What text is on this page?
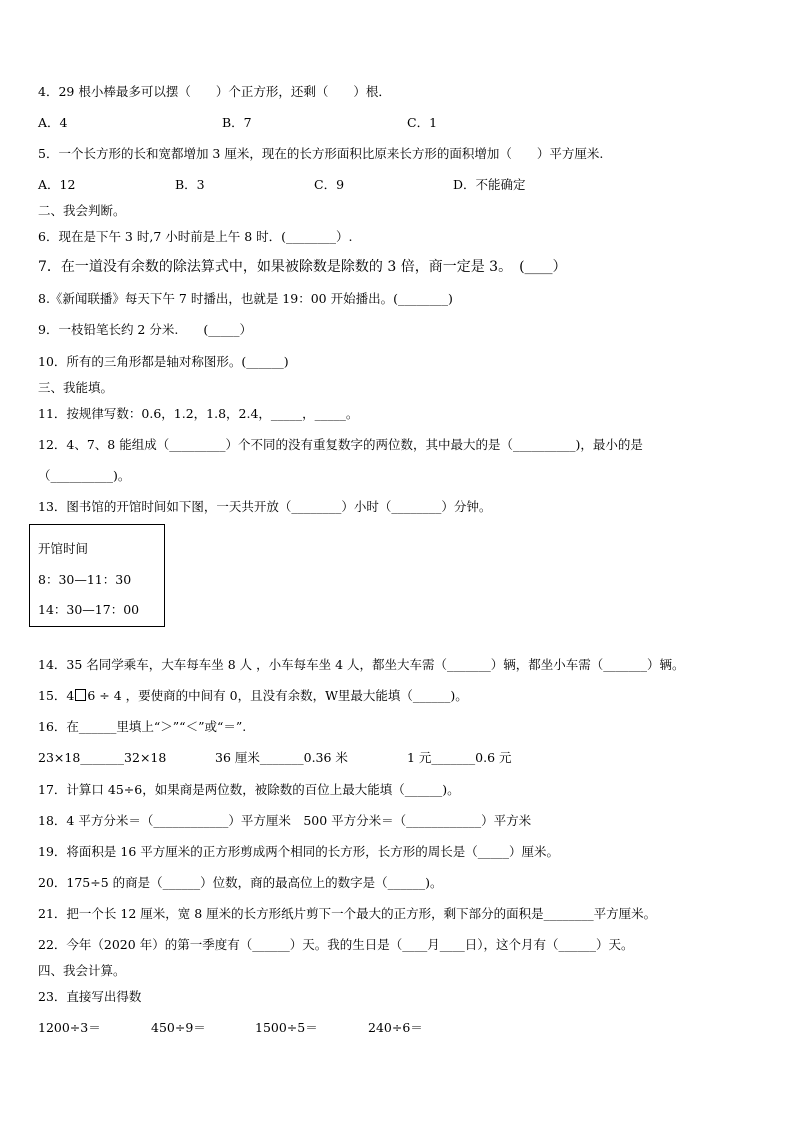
4．29 根小棒最多可以摆（　　）个正方形，还剩（　　）根．
A．4	B．7	C．1
5．一个长方形的长和宽都增加 3 厘米，现在的长方形面积比原来长方形的面积增加（　　）平方厘米.
A．12	B．3	C．9	D．不能确定
二、我会判断。
6．现在是下午 3 时,7 小时前是上午 8 时．(________）.
7．在一道没有余数的除法算式中，如果被除数是除数的 3 倍，商一定是 3。　(____）
8.《新闻联播》每天下午 7 时播出，也就是 19：00 开始播出。(________)
9．一枝铅笔长约 2 分米.　　(_____）
10．所有的三角形都是轴对称图形。(______)
三、我能填。
11．按规律写数：0.6，1.2，1.8，2.4，_____，_____。
12．4、7、8 能组成（_________）个不同的没有重复数字的两位数，其中最大的是（__________)，最小的是
（__________)。
13．图书馆的开馆时间如下图，一天共开放（________）小时（________）分钟。
开馆时间
8：30—11：30
14：30—17：00
14．35 名同学乘车，大车每车坐 8 人 ，小车每车坐 4 人，都坐大车需（_______）辆，都坐小车需（_______）辆。
15．4 6 ÷ 4 ，要使商的中间有 0，且没有余数，W里最大能填（______)。
16．在______里填上“＞”“＜”或“＝”.
23×18_______32×18	36 厘米_______0.36 米	1 元_______0.6 元
17．计算口 45÷6，如果商是两位数，被除数的百位上最大能填（______)。
18．4 平方分米＝（____________）平方厘米　500 平方分米＝（____________）平方米
19．将面积是 16 平方厘米的正方形剪成两个相同的长方形，长方形的周长是（_____）厘米。
20．175÷5 的商是（______）位数，商的最高位上的数字是（______)。
21．把一个长 12 厘米，宽 8 厘米的长方形纸片剪下一个最大的正方形，剩下部分的面积是________平方厘米。
22．今年（2020 年）的第一季度有（______）天。我的生日是（____月____日），这个月有（______）天。
四、我会计算。
23．直接写出得数
1200÷3＝	450÷9＝	1500÷5＝	240÷6＝
